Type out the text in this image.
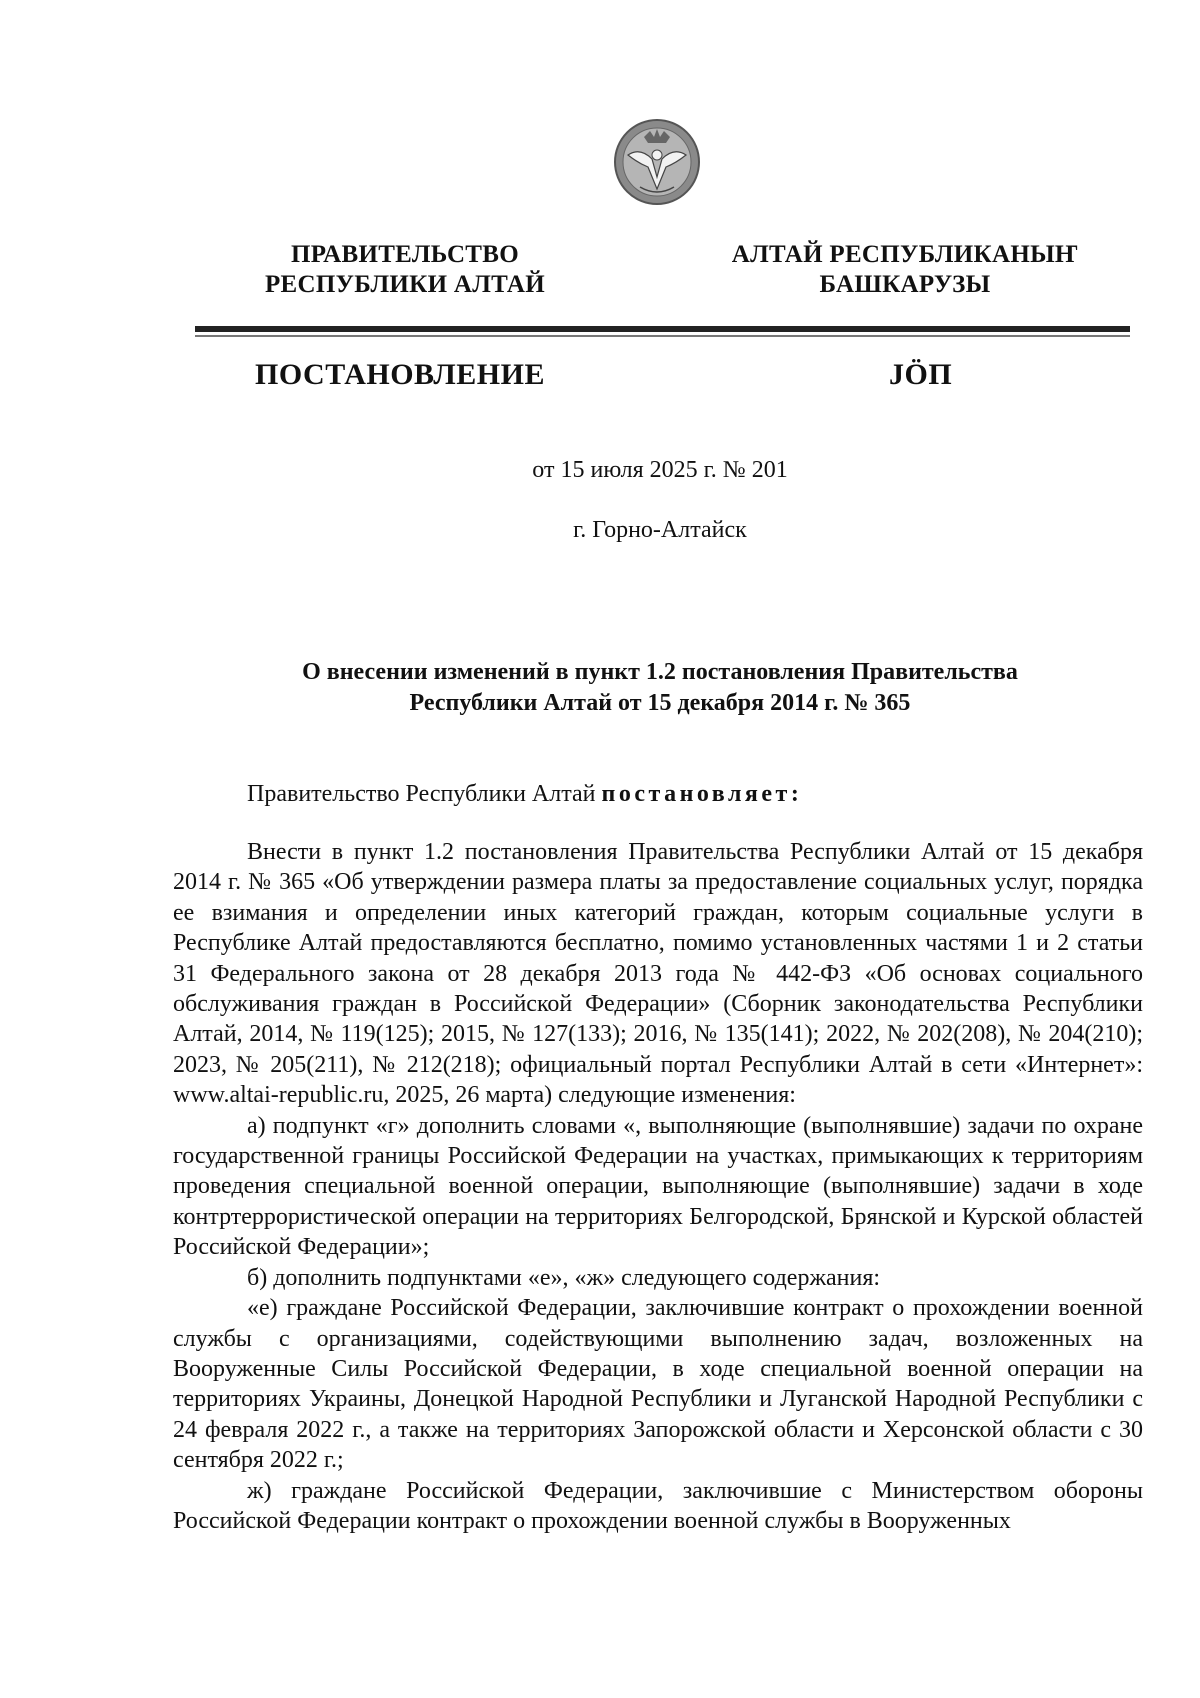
ПРАВИТЕЛЬСТВО
РЕСПУБЛИКИ АЛТАЙ
АЛТАЙ РЕСПУБЛИКАНЫҤ
БАШКАРУЗЫ
ПОСТАНОВЛЕНИЕ	JÖП
от 15 июля 2025 г. № 201
г. Горно-Алтайск
О внесении изменений в пункт 1.2 постановления Правительства
Республики Алтай от 15 декабря 2014 г. № 365
Правительство Республики Алтай постановляет:

Внести в пункт 1.2 постановления Правительства Республики Алтай от 15 декабря 2014 г. № 365 «Об утверждении размера платы за предоставление социальных услуг, порядка ее взимания и определении иных категорий граждан, которым социальные услуги в Республике Алтай предоставляются бесплатно, помимо установленных частями 1 и 2 статьи 31 Федерального закона от 28 декабря 2013 года № 442-ФЗ «Об основах социального обслуживания граждан в Российской Федерации» (Сборник законодательства Республики Алтай, 2014, № 119(125); 2015, № 127(133); 2016, № 135(141); 2022, № 202(208), № 204(210); 2023, № 205(211), № 212(218); официальный портал Республики Алтай в сети «Интернет»: www.altai-republic.ru, 2025, 26 марта) следующие изменения:

а) подпункт «г» дополнить словами «, выполняющие (выполнявшие) задачи по охране государственной границы Российской Федерации на участках, примыкающих к территориям проведения специальной военной операции, выполняющие (выполнявшие) задачи в ходе контртеррористической операции на территориях Белгородской, Брянской и Курской областей Российской Федерации»;

б) дополнить подпунктами «е», «ж» следующего содержания:

«е) граждане Российской Федерации, заключившие контракт о прохождении военной службы с организациями, содействующими выполнению задач, возложенных на Вооруженные Силы Российской Федерации, в ходе специальной военной операции на территориях Украины, Донецкой Народной Республики и Луганской Народной Республики с 24 февраля 2022 г., а также на территориях Запорожской области и Херсонской области с 30 сентября 2022 г.;

ж) граждане Российской Федерации, заключившие с Министерством обороны Российской Федерации контракт о прохождении военной службы в Вооруженных
